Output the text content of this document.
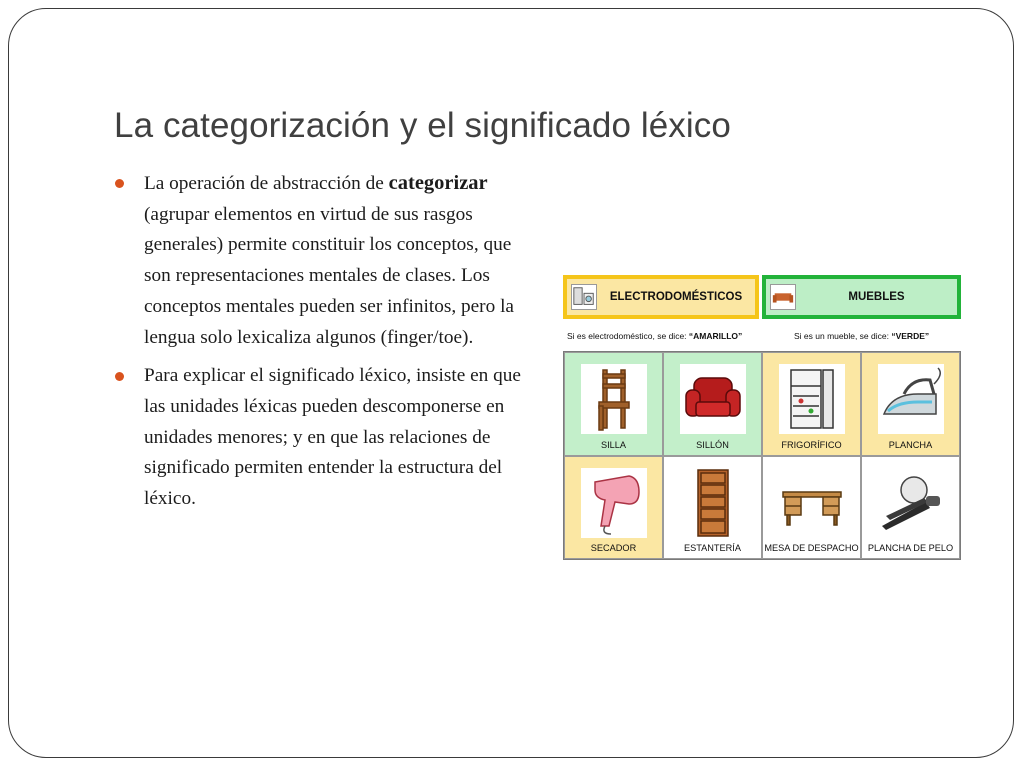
La categorización y el significado léxico
La operación de abstracción de categorizar (agrupar elementos en virtud de sus rasgos generales) permite constituir los conceptos, que son representaciones mentales de clases. Los conceptos mentales pueden ser infinitos, pero la lengua solo lexicaliza algunos (finger/toe).
Para explicar el significado léxico, insiste en que las unidades léxicas pueden descomponerse en unidades menores; y en que las relaciones de significado permiten entender la estructura del léxico.
ELECTRODOMÉSTICOS	MUEBLES
Si es electrodoméstico, se dice: “AMARILLO”	Si es un mueble, se dice: “VERDE”
SILLA	SILLÓN	FRIGORÍFICO	PLANCHA
SECADOR	ESTANTERÍA	MESA DE DESPACHO	PLANCHA DE PELO
